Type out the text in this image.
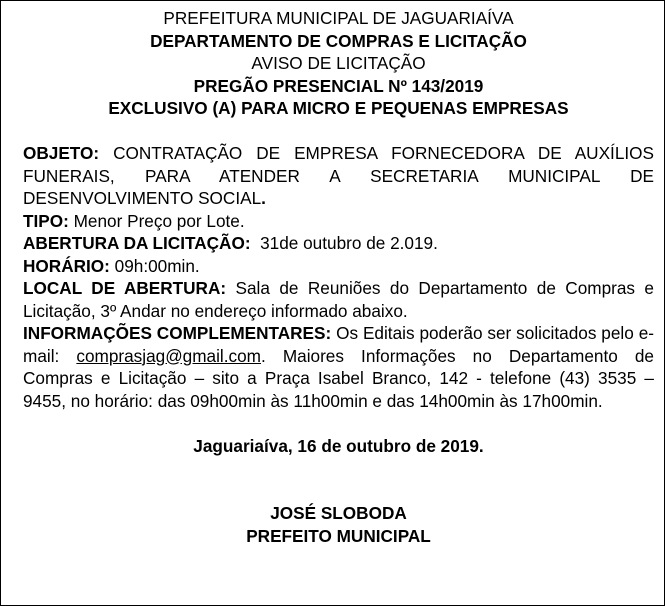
PREFEITURA MUNICIPAL DE JAGUARIAÍVA

DEPARTAMENTO DE COMPRAS E LICITAÇÃO

AVISO DE LICITAÇÃO

PREGÃO PRESENCIAL Nº 143/2019

EXCLUSIVO (A) PARA MICRO E PEQUENAS EMPRESAS

OBJETO: CONTRATAÇÃO DE EMPRESA FORNECEDORA DE AUXÍLIOS FUNERAIS, PARA ATENDER A SECRETARIA MUNICIPAL DE DESENVOLVIMENTO SOCIAL.

TIPO: Menor Preço por Lote.

ABERTURA DA LICITAÇÃO:  31de outubro de 2.019.

HORÁRIO: 09h:00min.

LOCAL DE ABERTURA: Sala de Reuniões do Departamento de Compras e Licitação, 3º Andar no endereço informado abaixo.

INFORMAÇÕES COMPLEMENTARES: Os Editais poderão ser solicitados pelo e-mail: comprasjag@gmail.com. Maiores Informações no Departamento de Compras e Licitação – sito a Praça Isabel Branco, 142 - telefone (43) 3535 – 9455, no horário: das 09h00min às 11h00min e das 14h00min às 17h00min.

Jaguariaíva, 16 de outubro de 2019.

JOSÉ SLOBODA

PREFEITO MUNICIPAL
